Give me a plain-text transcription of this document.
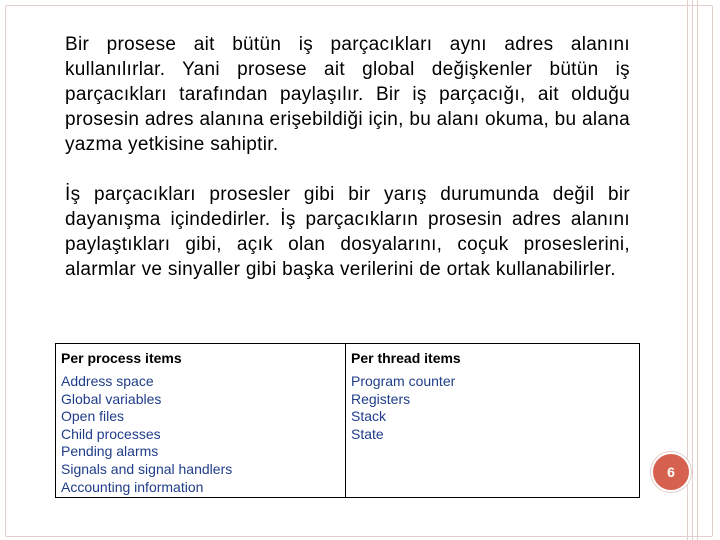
Bir prosese ait bütün iş parçacıkları aynı adres alanını kullanılırlar. Yani prosese ait global değişkenler bütün iş parçacıkları tarafından paylaşılır. Bir iş parçacığı, ait olduğu prosesin adres alanına erişebildiği için, bu alanı okuma, bu alana yazma yetkisine sahiptir.
İş parçacıkları prosesler gibi bir yarış durumunda değil bir dayanışma içindedirler. İş parçacıkların prosesin adres alanını paylaştıkları gibi, açık olan dosyalarını, coçuk proseslerini, alarmlar ve sinyaller gibi başka verilerini de ortak kullanabilirler.
Per process items
Address space
Global variables
Open files
Child processes
Pending alarms
Signals and signal handlers
Accounting information
Per thread items
Program counter
Registers
Stack
State
6
